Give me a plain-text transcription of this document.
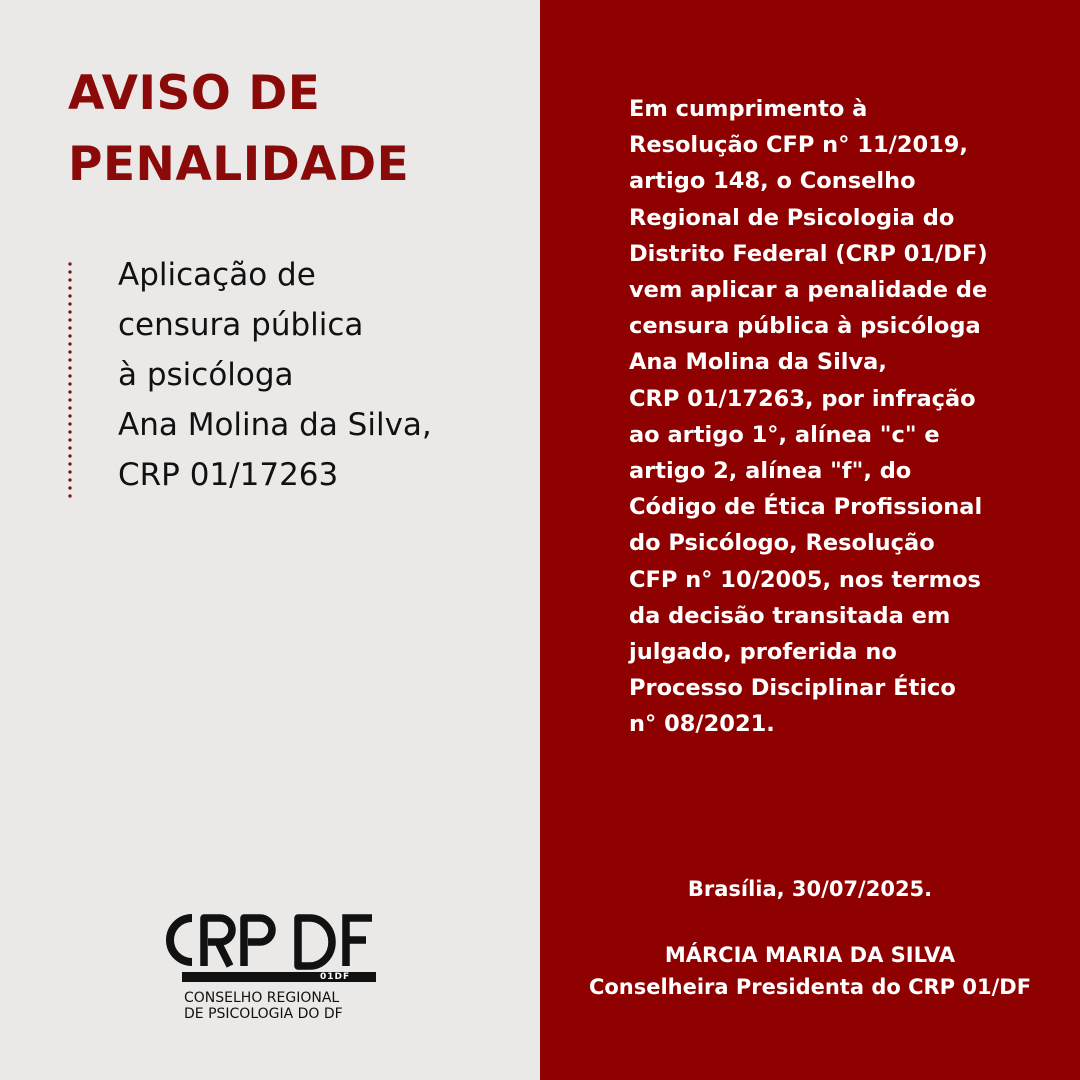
AVISO DE
PENALIDADE
Aplicação de
censura pública
à psicóloga
Ana Molina da Silva,
CRP 01/17263
Em cumprimento à
Resolução CFP n° 11/2019,
artigo 148, o Conselho
Regional de Psicologia do
Distrito Federal (CRP 01/DF)
vem aplicar a penalidade de
censura pública à psicóloga
Ana Molina da Silva,
CRP 01/17263, por infração
ao artigo 1°, alínea "c" e
artigo 2, alínea "f", do
Código de Ética Profissional
do Psicólogo, Resolução
CFP n° 10/2005, nos termos
da decisão transitada em
julgado, proferida no
Processo Disciplinar Ético
n° 08/2021.
Brasília, 30/07/2025.
MÁRCIA MARIA DA SILVA
Conselheira Presidenta do CRP 01/DF
01DF
CONSELHO REGIONAL
DE PSICOLOGIA DO DF
